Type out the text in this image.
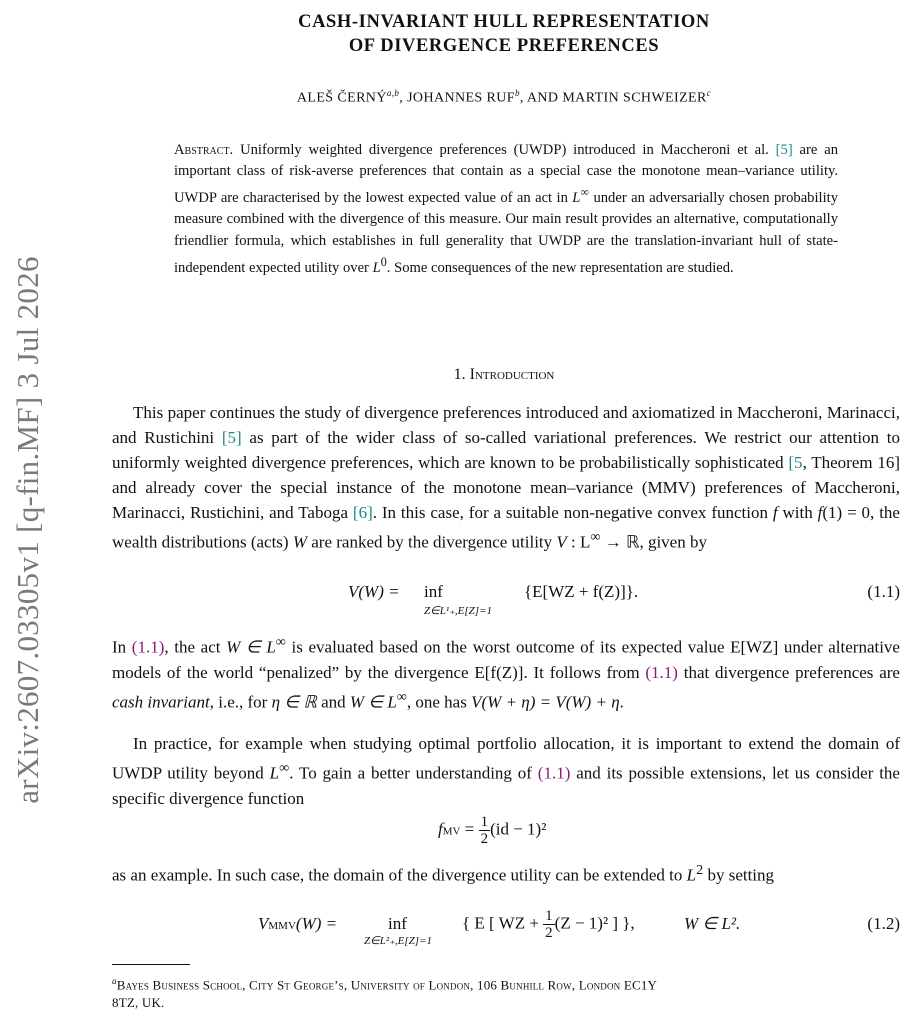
arXiv:2607.03305v1 [q-fin.MF] 3 Jul 2026
CASH-INVARIANT HULL REPRESENTATION
OF DIVERGENCE PREFERENCES
ALEŠ ČERNÝ$^{a,b}$, JOHANNES RUF$^b$, AND MARTIN SCHWEIZER$^c$
Abstract. Uniformly weighted divergence preferences (UWDP) introduced in Maccheroni et al. [5] are an important class of risk-averse preferences that contain as a special case the monotone mean–variance utility. UWDP are characterised by the lowest expected value of an act in L∞ under an adversarially chosen probability measure combined with the divergence of this measure. Our main result provides an alternative, computationally friendlier formula, which establishes in full generality that UWDP are the translation-invariant hull of state-independent expected utility over $L^0$. Some consequences of the new representation are studied.
1. Introduction
This paper continues the study of divergence preferences introduced and axiomatized in Maccheroni, Marinacci, and Rustichini [5] as part of the wider class of so-called variational preferences. We restrict our attention to uniformly weighted divergence preferences, which are known to be probabilistically sophisticated [5, Theorem 16] and already cover the special instance of the monotone mean–variance (MMV) preferences of Maccheroni, Marinacci, Rustichini, and Taboga [6]. In this case, for a suitable non-negative convex function f with f(1) = 0, the wealth distributions (acts) W are ranked by the divergence utility V : L∞ → ℝ, given by
V(W) = inf
Z∈L¹₊,E[Z]=1
{E[WZ + f(Z)]}.	(1.1)
In (1.1), the act W ∈ L∞ is evaluated based on the worst outcome of its expected value E[WZ] under alternative models of the world “penalized” by the divergence E[f(Z)]. It follows from (1.1) that divergence preferences are cash invariant, i.e., for η ∈ ℝ and W ∈ L∞, one has V(W + η) = V(W) + η.
In practice, for example when studying optimal portfolio allocation, it is important to extend the domain of UWDP utility beyond L∞. To gain a better understanding of (1.1) and its possible extensions, let us consider the specific divergence function
fMV = $\frac{1}{2} (id - 1)^2$
as an example. In such case, the domain of the divergence utility can be extended to $L^2$ by setting
VMMV(W) =	inf
Z∈L²₊,E[Z]=1
{ E [ WZ + $\frac{1}{2} (Z - 1)^2$ ] },	W ∈ L².	(1.2)
$^a$Bayes Business School, City St George’s, University of London, 106 Bunhill Row, London EC1Y
8TZ, UK.
